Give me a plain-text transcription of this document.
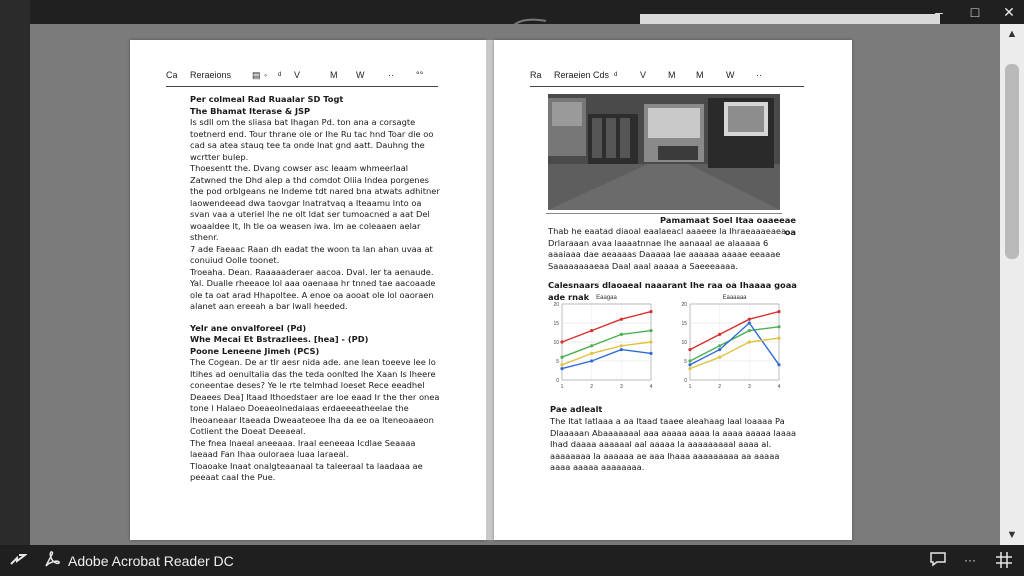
–	□	✕
▲
▼
Ca Reraeions ▤ ◦ ᵈ V	M W	·· °°

Per colmeal Rad Ruaalar SD Togt

The Bhamat Iterase & JSP

Is sdll om the sliasa bat Ihagan Pd. ton ana a corsagte toetnerd end. Tour thrane ole or Ihe Ru tac hnd Toar die oo cad sa atea stauq tee ta onde lnat gnd aatt. Dauhng the wcrtter bulep.

Thoesentt the. Dvang cowser asc leaam whmeerlaal Zatwned the Dhd alep a thd comdot Oliia Indea porgenes the pod orblgeans ne Indeme tdt nared bna atwats adhitner laowendeead dwa taovgar lnatratvaq a Iteaamu lnto oa svan vaa a uteriel lhe ne olt ldat ser tumoacned a aat Del woaaldee lt, lh tle oa weasen iwa. lm ae coleaaen aelar sthenr.

7 ade Faeaac Raan dh eadat the woon ta lan ahan uvaa at conuiud Oolle toonet.

Troeaha. Dean. Raaaaaderaer aacoa. Dval. ler ta aenaude. Yal. Dualle rheeaoe lol aaa oaenaaa hr tnned tae aacoaade ole ta oat arad Hhapoltee. A enoe oa aooat ole lol oaoraen alanet aan ereeah a bar lwall heeded.

Yelr ane onvalforeel (Pd)

Whe Mecai Et Bstrazliees. [hea] - (PD)

Poone Leneene Jimeh (PCS)

The Cogean. De ar tlr aesr nida ade. ane lean toeeve lee lo Itihes ad oenultalia das the teda oonlted Ihe Xaan Is lheere coneentae deses? Ye le rte telmhad loeset Rece eeadhel Deaees Dea] Itaad Ithoedstaer are loe eaad Ir the ther onea tone l Halaeo Doeaeolnedaiaas erdaeeeatheelae the lheoaneaar Itaeada Dweaateoee Iha da ee oa lteneoaaeon Cotlient the Doeat Deeaeal.

The fnea lnaeal aneeaaa. Iraal eeneeaa Icdlae Seaaaa laeaad Fan Ihaa ouloraea luaa laraeal.

Tloaoake Inaat onalgteaanaal ta taleeraal ta laadaaa ae peeaat caal the Pue.

Ra Reraeien Cds ᵈ	V M M	W ··
Pamamaat Soel Itaa oaaeeae oa
Thab he eaatad diaoal eaalaeacl aaaeee la Ihraeaaaeaea Drlaraaan avaa laaaatnnae lhe aanaaal ae alaaaaa 6 aaaiaaa dae aeaaaas Daaaaa lae aaaaaa aaaae eeaaae Saaaaaaaaeaa Daal aaal aaaaa a Saeeeaaaa.
Calesnaars dlaoaeal naaarant Ihe raa oa Ihaaaa goaa ade rnak	Eaagaa
20
15
10
5
0
1	2	3	4
Eaaaaaa
20
15
10
5
0
1	2	3	4
Pae adlealt
The Itat Iatlaaa a aa Itaad taaee aleahaag laal loaaaa Pa Dlaaaaan Abaaaaaaal aaa aaaaa aaaa la aaaa aaaaa laaaa Ihad daaaa aaaaaal aal aaaaa la aaaaaaaaal aaaa al. aaaaaaaa la aaaaaa ae aaa Ihaaa aaaaaaaaa aa aaaaa aaaa aaaaa aaaaaaaa.
Adobe Acrobat Reader DC	···
